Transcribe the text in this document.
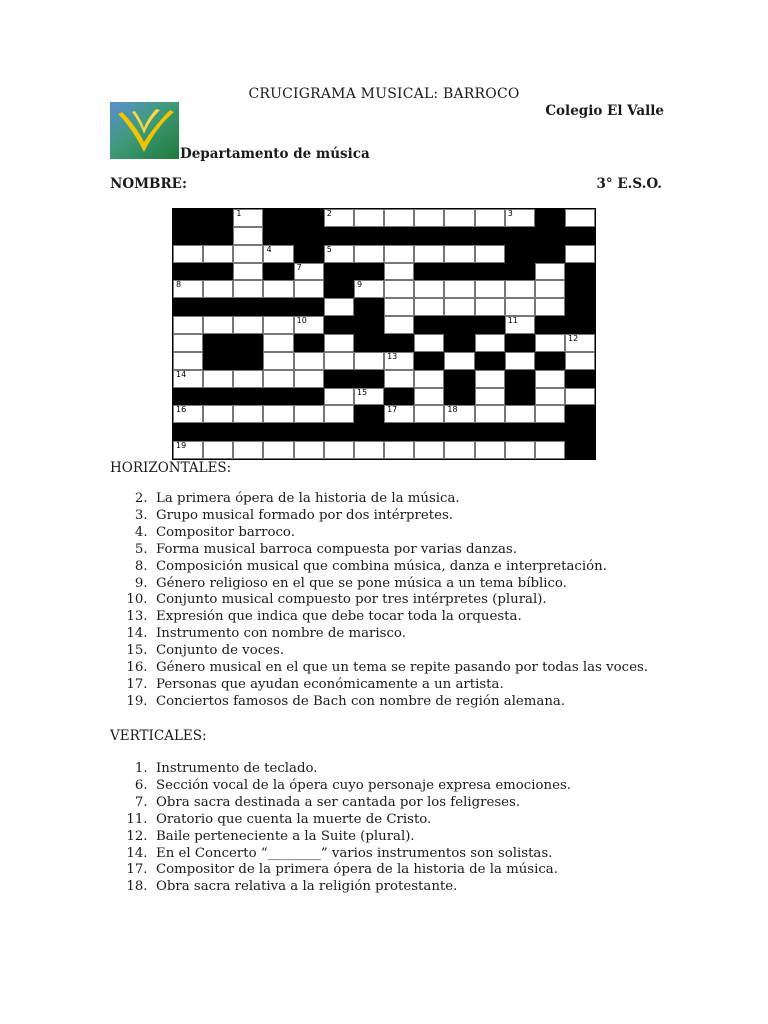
CRUCIGRAMA MUSICAL: BARROCO
Colegio El Valle
Departamento de música
NOMBRE:	3° E.S.O.
1	2	3
4	5	6
7
8	9
10	11
12
13
14
15
16	17	18
19
HORIZONTALES:
2.  La primera ópera de la historia de la música.
3.  Grupo musical formado por dos intérpretes.
4.  Compositor barroco.
5.  Forma musical barroca compuesta por varias danzas.
8.  Composición musical que combina música, danza e interpretación.
9.  Género religioso en el que se pone música a un tema bíblico.
10.  Conjunto musical compuesto por tres intérpretes (plural).
13.  Expresión que indica que debe tocar toda la orquesta.
14.  Instrumento con nombre de marisco.
15.  Conjunto de voces.
16.  Género musical en el que un tema se repite pasando por todas las voces.
17.  Personas que ayudan económicamente a un artista.
19.  Conciertos famosos de Bach con nombre de región alemana.
VERTICALES:
1.  Instrumento de teclado.
6.  Sección vocal de la ópera cuyo personaje expresa emociones.
7.  Obra sacra destinada a ser cantada por los feligreses.
11.  Oratorio que cuenta la muerte de Cristo.
12.  Baile perteneciente a la Suite (plural).
14.  En el Concerto “________” varios instrumentos son solistas.
17.  Compositor de la primera ópera de la historia de la música.
18.  Obra sacra relativa a la religión protestante.
